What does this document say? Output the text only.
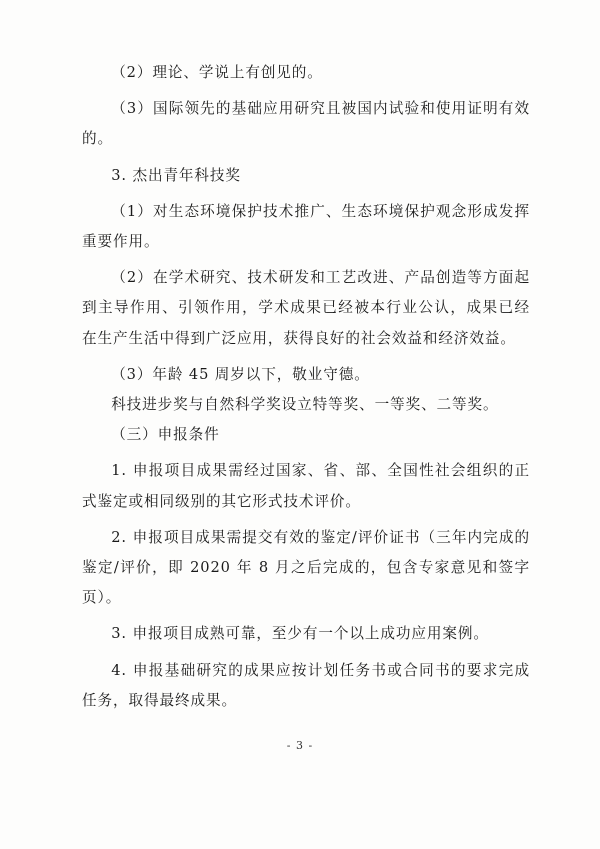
（2）理论、学说上有创见的。

（3）国际领先的基础应用研究且被国内试验和使用证明有效的。

3. 杰出青年科技奖

（1）对生态环境保护技术推广、生态环境保护观念形成发挥重要作用。

（2）在学术研究、技术研发和工艺改进、产品创造等方面起到主导作用、引领作用，学术成果已经被本行业公认，成果已经在生产生活中得到广泛应用，获得良好的社会效益和经济效益。

（3）年龄 45 周岁以下，敬业守德。

科技进步奖与自然科学奖设立特等奖、一等奖、二等奖。

（三）申报条件

1. 申报项目成果需经过国家、省、部、全国性社会组织的正式鉴定或相同级别的其它形式技术评价。

2. 申报项目成果需提交有效的鉴定/评价证书（三年内完成的鉴定/评价，即 2020 年 8 月之后完成的，包含专家意见和签字页）。

3. 申报项目成熟可靠，至少有一个以上成功应用案例。

4. 申报基础研究的成果应按计划任务书或合同书的要求完成任务，取得最终成果。

- 3 -
